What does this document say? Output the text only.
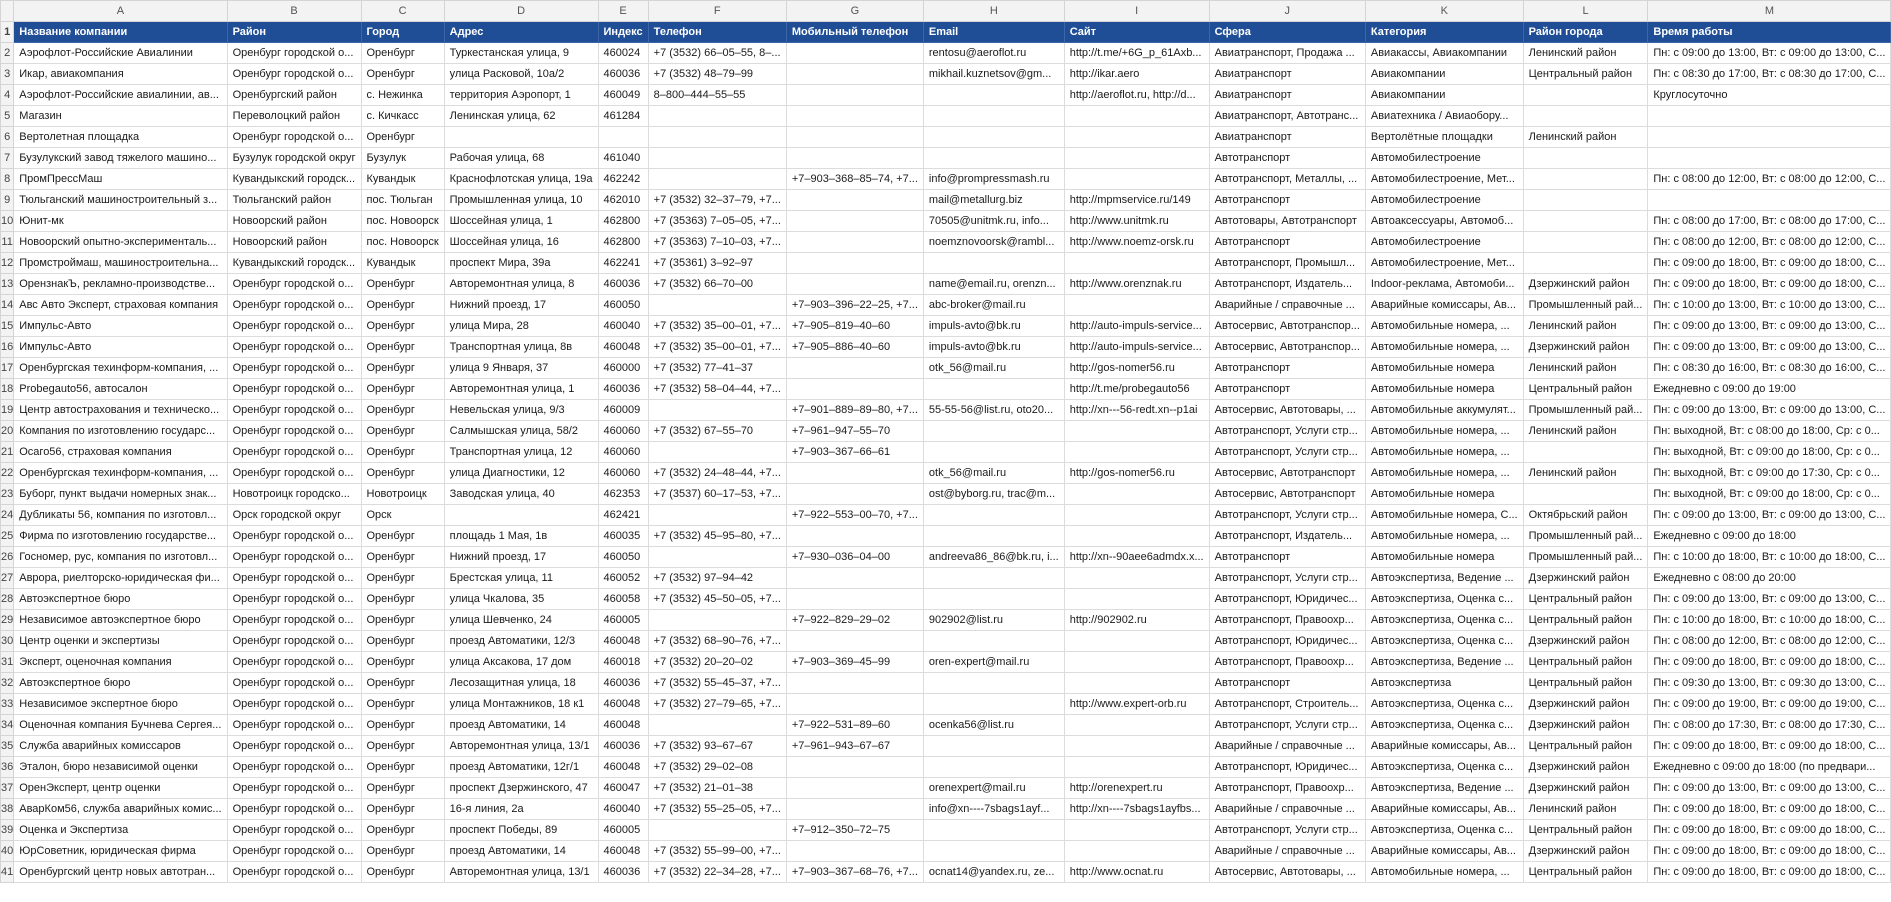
	A	B	C	D	E	F	G	H	I	J	K	L	M
1	Название компании	Район	Город	Адрес	Индекс	Телефон	Мобильный телефон	Email	Сайт	Сфера	Категория	Район города	Время работы
2	Аэрофлот-Российские Авиалинии	Оренбург городской о...	Оренбург	Туркестанская улица, 9	460024	+7 (3532) 66–05–55, 8–...		rentosu@aeroflot.ru	http://t.me/+6G_p_61Axb...	Авиатранспорт, Продажа ...	Авиакассы, Авиакомпании	Ленинский район	Пн: с 09:00 до 13:00, Вт: с 09:00 до 13:00, С...
3	Икар, авиакомпания	Оренбург городской о...	Оренбург	улица Расковой, 10а/2	460036	+7 (3532) 48–79–99		mikhail.kuznetsov@gm...	http://ikar.aero	Авиатранспорт	Авиакомпании	Центральный район	Пн: с 08:30 до 17:00, Вт: с 08:30 до 17:00, С...
4	Аэрофлот-Российские авиалинии, ав...	Оренбургский район	с. Нежинка	территория Аэропорт, 1	460049	8–800–444–55–55			http://aeroflot.ru, http://d...	Авиатранспорт	Авиакомпании		Круглосуточно
5	Магазин	Переволоцкий район	с. Кичкасс	Ленинская улица, 62	461284					Авиатранспорт, Автотранс...	Авиатехника / Авиаобору...		
6	Вертолетная площадка	Оренбург городской о...	Оренбург							Авиатранспорт	Вертолётные площадки	Ленинский район	
7	Бузулукский завод тяжелого машино...	Бузулук городской округ	Бузулук	Рабочая улица, 68	461040					Автотранспорт	Автомобилестроение		
8	ПромПрессМаш	Кувандыкский городск...	Кувандык	Краснофлотская улица, 19а	462242		+7–903–368–85–74, +7...	info@prompressmash.ru		Автотранспорт, Металлы, ...	Автомобилестроение, Мет...		Пн: с 08:00 до 12:00, Вт: с 08:00 до 12:00, С...
9	Тюльганский машиностроительный з...	Тюльганский район	пос. Тюльган	Промышленная улица, 10	462010	+7 (3532) 32–37–79, +7...		mail@metallurg.biz	http://mpmservice.ru/149	Автотранспорт	Автомобилестроение		
10	Юнит-мк	Новоорский район	пос. Новоорск	Шоссейная улица, 1	462800	+7 (35363) 7–05–05, +7...		70505@unitmk.ru, info...	http://www.unitmk.ru	Автотовары, Автотранспорт	Автоаксессуары, Автомоб...		Пн: с 08:00 до 17:00, Вт: с 08:00 до 17:00, С...
11	Новоорский опытно-эксперименталь...	Новоорский район	пос. Новоорск	Шоссейная улица, 16	462800	+7 (35363) 7–10–03, +7...		noemznovoorsk@rambl...	http://www.noemz-orsk.ru	Автотранспорт	Автомобилестроение		Пн: с 08:00 до 12:00, Вт: с 08:00 до 12:00, С...
12	Промстроймаш, машиностроительна...	Кувандыкский городск...	Кувандык	проспект Мира, 39а	462241	+7 (35361) 3–92–97				Автотранспорт, Промышл...	Автомобилестроение, Мет...		Пн: с 09:00 до 18:00, Вт: с 09:00 до 18:00, С...
13	ОрензнакЪ, рекламно-производстве...	Оренбург городской о...	Оренбург	Авторемонтная улица, 8	460036	+7 (3532) 66–70–00		name@email.ru, orenzn...	http://www.orenznak.ru	Автотранспорт, Издатель...	Indoor-реклама, Автомоби...	Дзержинский район	Пн: с 09:00 до 18:00, Вт: с 09:00 до 18:00, С...
14	Авс Авто Эксперт, страховая компания	Оренбург городской о...	Оренбург	Нижний проезд, 17	460050		+7–903–396–22–25, +7...	abc-broker@mail.ru		Аварийные / справочные ...	Аварийные комиссары, Ав...	Промышленный рай...	Пн: с 10:00 до 13:00, Вт: с 10:00 до 13:00, С...
15	Импульс-Авто	Оренбург городской о...	Оренбург	улица Мира, 28	460040	+7 (3532) 35–00–01, +7...	+7–905–819–40–60	impuls-avto@bk.ru	http://auto-impuls-service...	Автосервис, Автотранспор...	Автомобильные номера, ...	Ленинский район	Пн: с 09:00 до 13:00, Вт: с 09:00 до 13:00, С...
16	Импульс-Авто	Оренбург городской о...	Оренбург	Транспортная улица, 8в	460048	+7 (3532) 35–00–01, +7...	+7–905–886–40–60	impuls-avto@bk.ru	http://auto-impuls-service...	Автосервис, Автотранспор...	Автомобильные номера, ...	Дзержинский район	Пн: с 09:00 до 13:00, Вт: с 09:00 до 13:00, С...
17	Оренбургская техинформ-компания, ...	Оренбург городской о...	Оренбург	улица 9 Января, 37	460000	+7 (3532) 77–41–37		otk_56@mail.ru	http://gos-nomer56.ru	Автотранспорт	Автомобильные номера	Ленинский район	Пн: с 08:30 до 16:00, Вт: с 08:30 до 16:00, С...
18	Probegauto56, автосалон	Оренбург городской о...	Оренбург	Авторемонтная улица, 1	460036	+7 (3532) 58–04–44, +7...			http://t.me/probegauto56	Автотранспорт	Автомобильные номера	Центральный район	Ежедневно с 09:00 до 19:00
19	Центр автострахования и техническо...	Оренбург городской о...	Оренбург	Невельская улица, 9/3	460009		+7–901–889–89–80, +7...	55-55-56@list.ru, oto20...	http://xn---56-redt.xn--p1ai	Автосервис, Автотовары, ...	Автомобильные аккумулят...	Промышленный рай...	Пн: с 09:00 до 13:00, Вт: с 09:00 до 13:00, С...
20	Компания по изготовлению государс...	Оренбург городской о...	Оренбург	Салмышская улица, 58/2	460060	+7 (3532) 67–55–70	+7–961–947–55–70			Автотранспорт, Услуги стр...	Автомобильные номера, ...	Ленинский район	Пн: выходной, Вт: с 08:00 до 18:00, Ср: с 0...
21	Осаго56, страховая компания	Оренбург городской о...	Оренбург	Транспортная улица, 12	460060		+7–903–367–66–61			Автотранспорт, Услуги стр...	Автомобильные номера, ...		Пн: выходной, Вт: с 09:00 до 18:00, Ср: с 0...
22	Оренбургская техинформ-компания, ...	Оренбург городской о...	Оренбург	улица Диагностики, 12	460060	+7 (3532) 24–48–44, +7...		otk_56@mail.ru	http://gos-nomer56.ru	Автосервис, Автотранспорт	Автомобильные номера, ...	Ленинский район	Пн: выходной, Вт: с 09:00 до 17:30, Ср: с 0...
23	Буборг, пункт выдачи номерных знак...	Новотроицк городско...	Новотроицк	Заводская улица, 40	462353	+7 (3537) 60–17–53, +7...		ost@byborg.ru, trac@m...		Автосервис, Автотранспорт	Автомобильные номера		Пн: выходной, Вт: с 09:00 до 18:00, Ср: с 0...
24	Дубликаты 56, компания по изготовл...	Орск городской округ	Орск		462421		+7–922–553–00–70, +7...			Автотранспорт, Услуги стр...	Автомобильные номера, С...	Октябрьский район	Пн: с 09:00 до 13:00, Вт: с 09:00 до 13:00, С...
25	Фирма по изготовлению государстве...	Оренбург городской о...	Оренбург	площадь 1 Мая, 1в	460035	+7 (3532) 45–95–80, +7...				Автотранспорт, Издатель...	Автомобильные номера, ...	Промышленный рай...	Ежедневно с 09:00 до 18:00
26	Госномер, рус, компания по изготовл...	Оренбург городской о...	Оренбург	Нижний проезд, 17	460050		+7–930–036–04–00	andreeva86_86@bk.ru, i...	http://xn--90aee6admdx.x...	Автотранспорт	Автомобильные номера	Промышленный рай...	Пн: с 10:00 до 18:00, Вт: с 10:00 до 18:00, С...
27	Аврора, риелторско-юридическая фи...	Оренбург городской о...	Оренбург	Брестская улица, 11	460052	+7 (3532) 97–94–42				Автотранспорт, Услуги стр...	Автоэкспертиза, Ведение ...	Дзержинский район	Ежедневно с 08:00 до 20:00
28	Автоэкспертное бюро	Оренбург городской о...	Оренбург	улица Чкалова, 35	460058	+7 (3532) 45–50–05, +7...				Автотранспорт, Юридичес...	Автоэкспертиза, Оценка с...	Центральный район	Пн: с 09:00 до 13:00, Вт: с 09:00 до 13:00, С...
29	Независимое автоэкспертное бюро	Оренбург городской о...	Оренбург	улица Шевченко, 24	460005		+7–922–829–29–02	902902@list.ru	http://902902.ru	Автотранспорт, Правоохр...	Автоэкспертиза, Оценка с...	Центральный район	Пн: с 10:00 до 18:00, Вт: с 10:00 до 18:00, С...
30	Центр оценки и экспертизы	Оренбург городской о...	Оренбург	проезд Автоматики, 12/3	460048	+7 (3532) 68–90–76, +7...				Автотранспорт, Юридичес...	Автоэкспертиза, Оценка с...	Дзержинский район	Пн: с 08:00 до 12:00, Вт: с 08:00 до 12:00, С...
31	Эксперт, оценочная компания	Оренбург городской о...	Оренбург	улица Аксакова, 17 дом	460018	+7 (3532) 20–20–02	+7–903–369–45–99	oren-expert@mail.ru		Автотранспорт, Правоохр...	Автоэкспертиза, Ведение ...	Центральный район	Пн: с 09:00 до 18:00, Вт: с 09:00 до 18:00, С...
32	Автоэкспертное бюро	Оренбург городской о...	Оренбург	Лесозащитная улица, 18	460036	+7 (3532) 55–45–37, +7...				Автотранспорт	Автоэкспертиза	Центральный район	Пн: с 09:30 до 13:00, Вт: с 09:30 до 13:00, С...
33	Независимое экспертное бюро	Оренбург городской о...	Оренбург	улица Монтажников, 18 к1	460048	+7 (3532) 27–79–65, +7...			http://www.expert-orb.ru	Автотранспорт, Строитель...	Автоэкспертиза, Оценка с...	Дзержинский район	Пн: с 09:00 до 19:00, Вт: с 09:00 до 19:00, С...
34	Оценочная компания Бучнева Сергея...	Оренбург городской о...	Оренбург	проезд Автоматики, 14	460048		+7–922–531–89–60	ocenka56@list.ru		Автотранспорт, Услуги стр...	Автоэкспертиза, Оценка с...	Дзержинский район	Пн: с 08:00 до 17:30, Вт: с 08:00 до 17:30, С...
35	Служба аварийных комиссаров	Оренбург городской о...	Оренбург	Авторемонтная улица, 13/1	460036	+7 (3532) 93–67–67	+7–961–943–67–67			Аварийные / справочные ...	Аварийные комиссары, Ав...	Центральный район	Пн: с 09:00 до 18:00, Вт: с 09:00 до 18:00, С...
36	Эталон, бюро независимой оценки	Оренбург городской о...	Оренбург	проезд Автоматики, 12г/1	460048	+7 (3532) 29–02–08				Автотранспорт, Юридичес...	Автоэкспертиза, Оценка с...	Дзержинский район	Ежедневно с 09:00 до 18:00 (по предвари...
37	ОренЭксперт, центр оценки	Оренбург городской о...	Оренбург	проспект Дзержинского, 47	460047	+7 (3532) 21–01–38		orenexpert@mail.ru	http://orenexpert.ru	Автотранспорт, Правоохр...	Автоэкспертиза, Ведение ...	Дзержинский район	Пн: с 09:00 до 13:00, Вт: с 09:00 до 13:00, С...
38	АварКом56, служба аварийных комис...	Оренбург городской о...	Оренбург	16-я линия, 2а	460040	+7 (3532) 55–25–05, +7...		info@xn----7sbags1ayf...	http://xn----7sbags1ayfbs...	Аварийные / справочные ...	Аварийные комиссары, Ав...	Ленинский район	Пн: с 09:00 до 18:00, Вт: с 09:00 до 18:00, С...
39	Оценка и Экспертиза	Оренбург городской о...	Оренбург	проспект Победы, 89	460005		+7–912–350–72–75			Автотранспорт, Услуги стр...	Автоэкспертиза, Оценка с...	Центральный район	Пн: с 09:00 до 18:00, Вт: с 09:00 до 18:00, С...
40	ЮрСоветник, юридическая фирма	Оренбург городской о...	Оренбург	проезд Автоматики, 14	460048	+7 (3532) 55–99–00, +7...				Аварийные / справочные ...	Аварийные комиссары, Ав...	Дзержинский район	Пн: с 09:00 до 18:00, Вт: с 09:00 до 18:00, С...
41	Оренбургский центр новых автотран...	Оренбург городской о...	Оренбург	Авторемонтная улица, 13/1	460036	+7 (3532) 22–34–28, +7...	+7–903–367–68–76, +7...	ocnat14@yandex.ru, ze...	http://www.ocnat.ru	Автосервис, Автотовары, ...	Автомобильные номера, ...	Центральный район	Пн: с 09:00 до 18:00, Вт: с 09:00 до 18:00, С...
